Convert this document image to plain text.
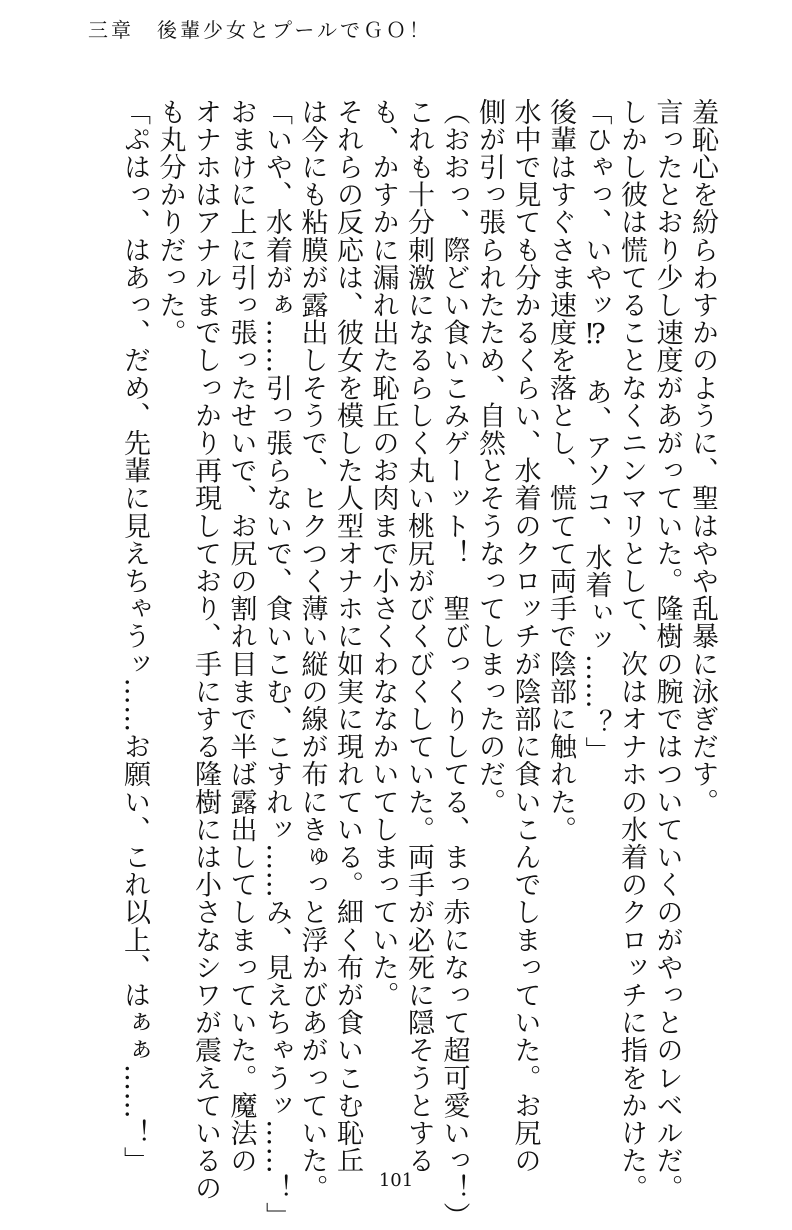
三章　後輩少女とプールでＧＯ！

羞恥心を紛らわすかのように、聖はやや乱暴に泳ぎだす。

言ったとおり少し速度があがっていた。隆樹の腕ではついていくのがやっとのレベルだ。

しかし彼は慌てることなくニンマリとして、次はオナホの水着のクロッチに指をかけた。

「ひゃっ、いやッ⁉　あ、アソコ、水着ぃッ……？」

後輩はすぐさま速度を落とし、慌てて両手で陰部に触れた。

水中で見ても分かるくらい、水着のクロッチが陰部に食いこんでしまっていた。お尻の

側が引っ張られたため、自然とそうなってしまったのだ。

（おおっ、際どい食いこみゲーット！　聖びっくりしてる、まっ赤になって超可愛いっ！）

これも十分刺激になるらしく丸い桃尻がびくびくしていた。両手が必死に隠そうとする

も、かすかに漏れ出た恥丘のお肉まで小さくわななかいてしまっていた。

それらの反応は、彼女を模した人型オナホに如実に現れている。細く布が食いこむ恥丘

は今にも粘膜が露出しそうで、ヒクつく薄い縦の線が布にきゅっと浮かびあがっていた。

「いや、水着がぁ……引っ張らないで、食いこむ、こすれッ……み、見えちゃうッ……！」

おまけに上に引っ張ったせいで、お尻の割れ目まで半ば露出してしまっていた。魔法の

オナホはアナルまでしっかり再現しており、手にする隆樹には小さなシワが震えているの

も丸分かりだった。

「ぷはっ、はあっ、だめ、先輩に見えちゃうッ……お願い、これ以上、はぁぁ……！」

101
